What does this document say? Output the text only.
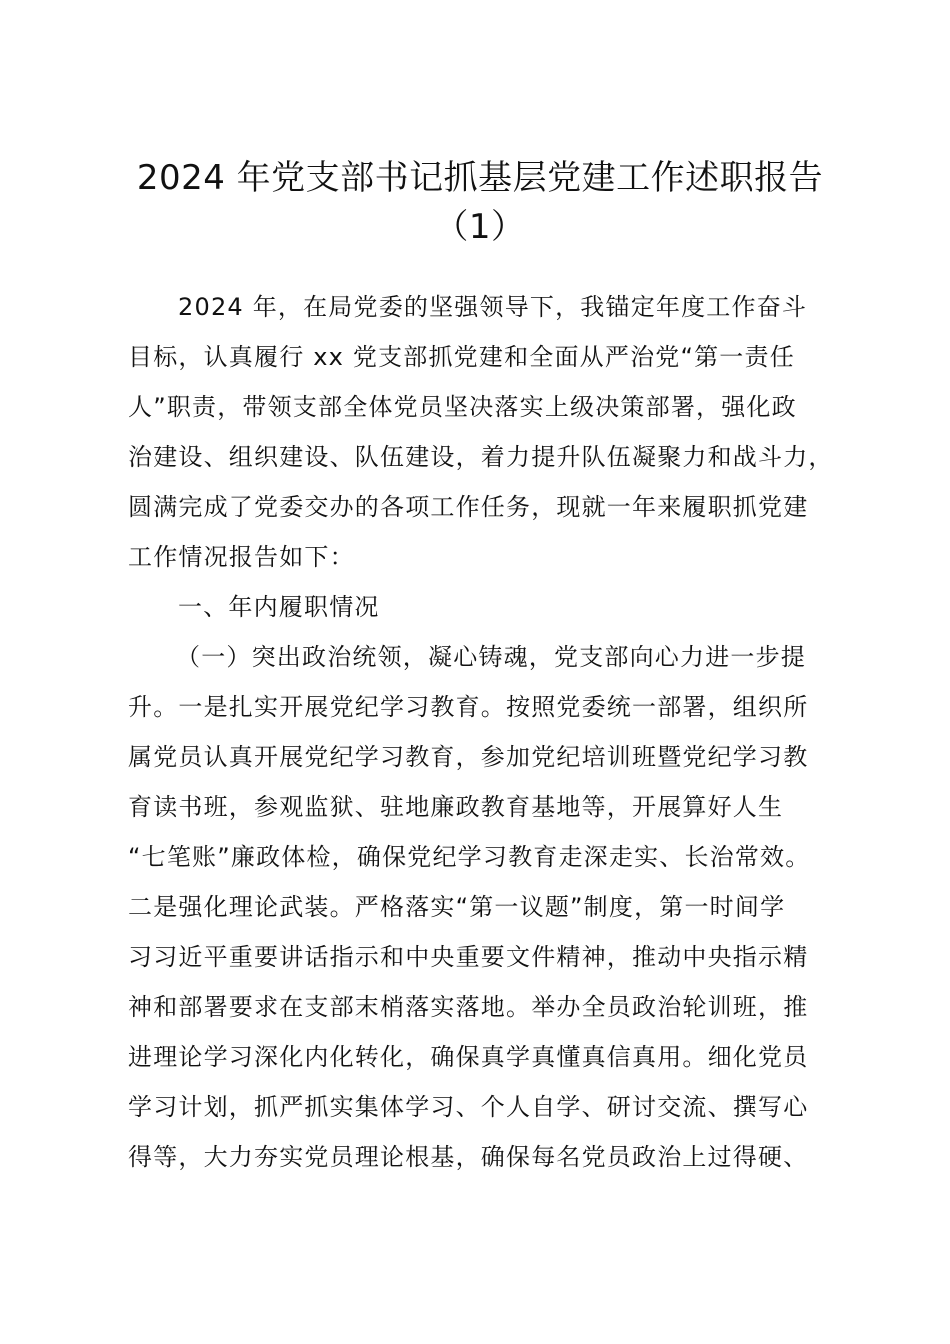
2024 年党支部书记抓基层党建工作述职报告
（1）
2024 年，在局党委的坚强领导下，我锚定年度工作奋斗
目标，认真履行 xx 党支部抓党建和全面从严治党“第一责任
人”职责，带领支部全体党员坚决落实上级决策部署，强化政
治建设、组织建设、队伍建设，着力提升队伍凝聚力和战斗力，
圆满完成了党委交办的各项工作任务，现就一年来履职抓党建
工作情况报告如下：
一、年内履职情况
（一）突出政治统领，凝心铸魂，党支部向心力进一步提
升。一是扎实开展党纪学习教育。按照党委统一部署，组织所
属党员认真开展党纪学习教育，参加党纪培训班暨党纪学习教
育读书班，参观监狱、驻地廉政教育基地等，开展算好人生
“七笔账”廉政体检，确保党纪学习教育走深走实、长治常效。
二是强化理论武装。严格落实“第一议题”制度，第一时间学
习习近平重要讲话指示和中央重要文件精神，推动中央指示精
神和部署要求在支部末梢落实落地。举办全员政治轮训班，推
进理论学习深化内化转化，确保真学真懂真信真用。细化党员
学习计划，抓严抓实集体学习、个人自学、研讨交流、撰写心
得等，大力夯实党员理论根基，确保每名党员政治上过得硬、
